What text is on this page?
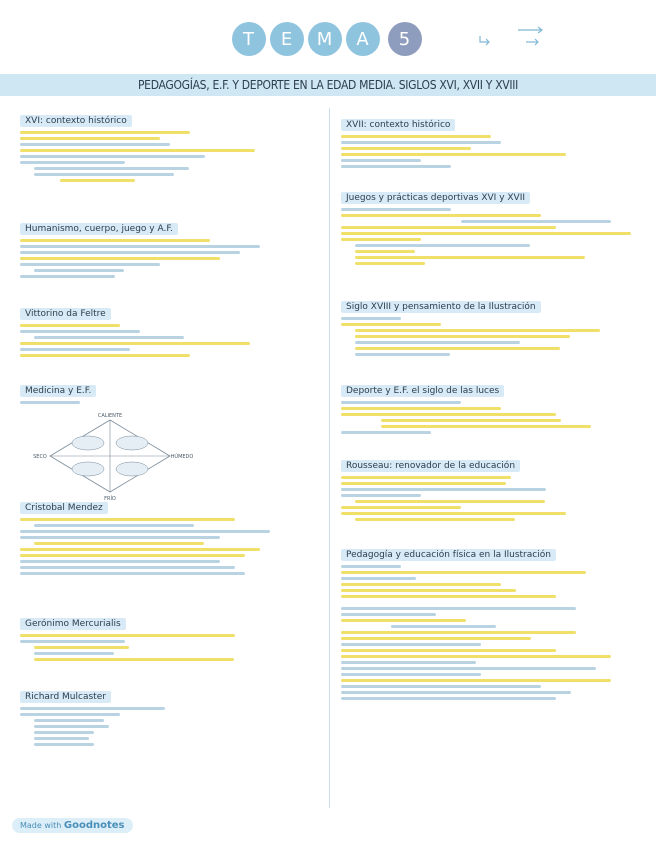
T	E	M	A	5
PEDAGOGÍAS, E.F. Y DEPORTE EN LA EDAD MEDIA. SIGLOS XVI, XVII Y XVIII
XVI: contexto histórico
Humanismo, cuerpo, juego y A.F.
Vittorino da Feltre
Medicina y E.F.
CALIENTE
SECO	HÚMEDO
FRÍO
Cristobal Mendez
Gerónimo Mercurialis
Richard Mulcaster
XVII: contexto histórico
Juegos y prácticas deportivas XVI y XVII
Siglo XVIII y pensamiento de la Ilustración
Deporte y E.F. el siglo de las luces
Rousseau: renovador de la educación
Pedagogía y educación física en la Ilustración
Made with Goodnotes
